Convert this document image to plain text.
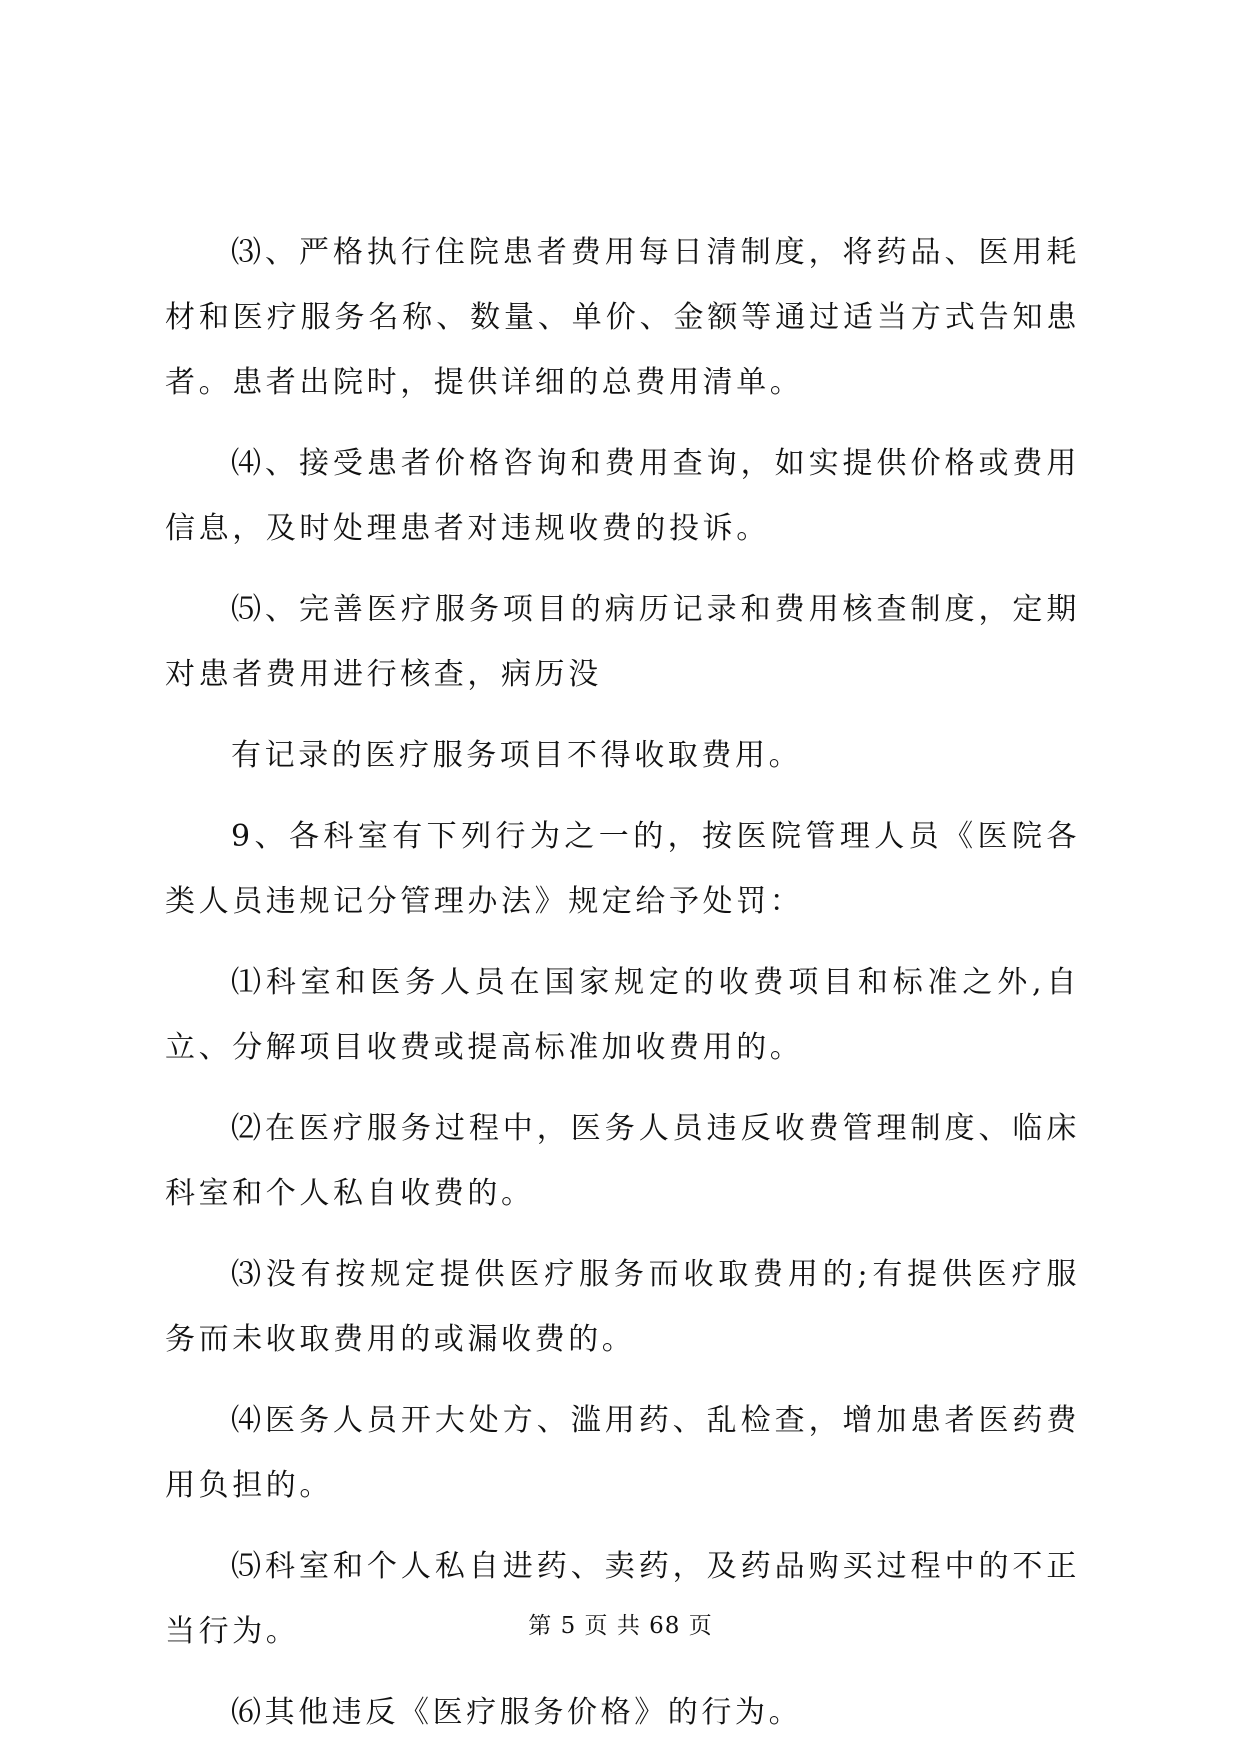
⑶、严格执行住院患者费用每日清制度，将药品、医用耗材和医疗服务名称、数量、单价、金额等通过适当方式告知患者。患者出院时，提供详细的总费用清单。

⑷、接受患者价格咨询和费用查询，如实提供价格或费用信息，及时处理患者对违规收费的投诉。

⑸、完善医疗服务项目的病历记录和费用核查制度，定期对患者费用进行核查，病历没

有记录的医疗服务项目不得收取费用。

9、各科室有下列行为之一的，按医院管理人员《医院各类人员违规记分管理办法》规定给予处罚：

⑴科室和医务人员在国家规定的收费项目和标准之外,自立、分解项目收费或提高标准加收费用的。

⑵在医疗服务过程中，医务人员违反收费管理制度、临床科室和个人私自收费的。

⑶没有按规定提供医疗服务而收取费用的;有提供医疗服务而未收取费用的或漏收费的。

⑷医务人员开大处方、滥用药、乱检查，增加患者医药费用负担的。

⑸科室和个人私自进药、卖药，及药品购买过程中的不正当行为。

⑹其他违反《医疗服务价格》的行为。

第 5 页 共 68 页
